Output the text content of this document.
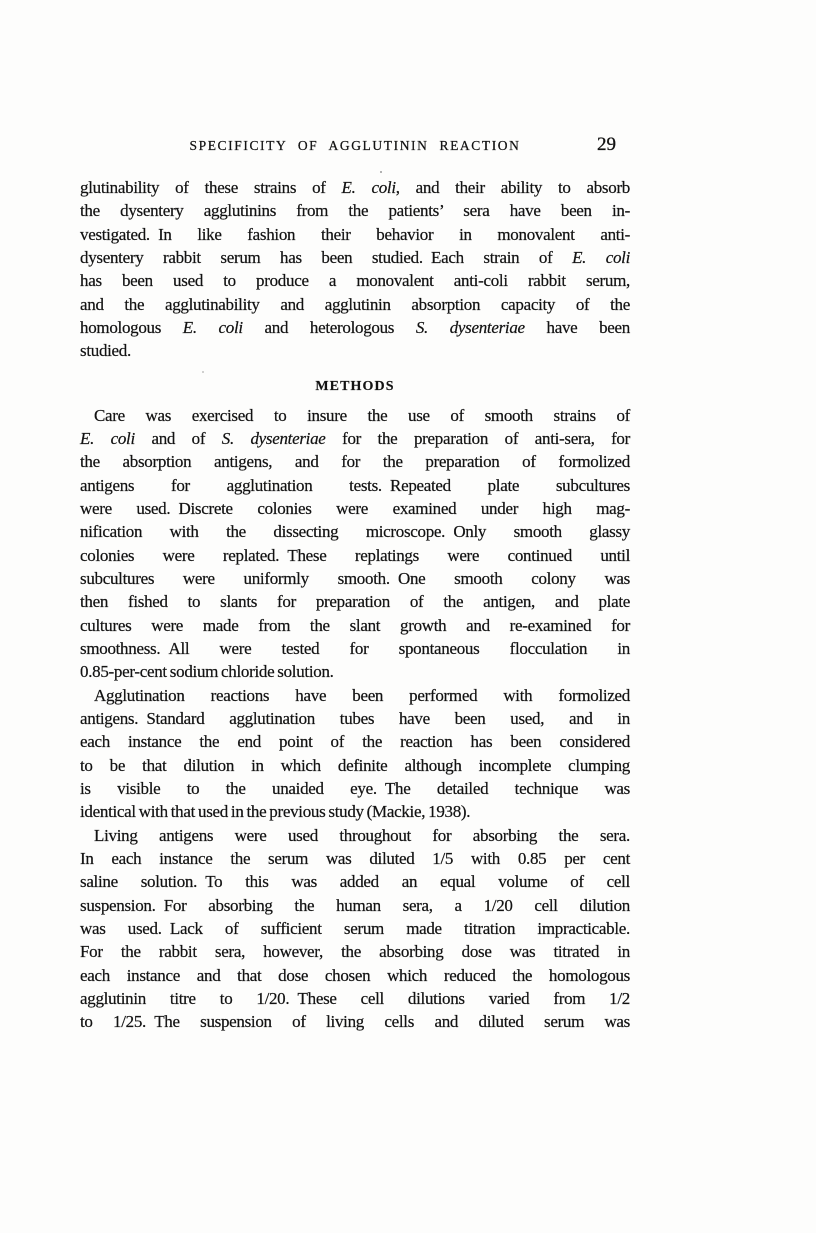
SPECIFICITY OF AGGLUTININ REACTION	29
glutinability of these strains of E. coli, and their ability to absorb
the dysentery agglutinins from the patients’ sera have been in-
vestigated. In like fashion their behavior in monovalent anti-
dysentery rabbit serum has been studied. Each strain of E. coli
has been used to produce a monovalent anti-coli rabbit serum,
and the agglutinability and agglutinin absorption capacity of the
homologous E. coli and heterologous S. dysenteriae have been
studied.
METHODS
Care was exercised to insure the use of smooth strains of
E. coli and of S. dysenteriae for the preparation of anti-sera, for
the absorption antigens, and for the preparation of formolized
antigens for agglutination tests. Repeated plate subcultures
were used. Discrete colonies were examined under high mag-
nification with the dissecting microscope. Only smooth glassy
colonies were replated. These replatings were continued until
subcultures were uniformly smooth. One smooth colony was
then fished to slants for preparation of the antigen, and plate
cultures were made from the slant growth and re-examined for
smoothness. All were tested for spontaneous flocculation in
0.85-per-cent sodium chloride solution.
Agglutination reactions have been performed with formolized
antigens. Standard agglutination tubes have been used, and in
each instance the end point of the reaction has been considered
to be that dilution in which definite although incomplete clumping
is visible to the unaided eye. The detailed technique was
identical with that used in the previous study (Mackie, 1938).
Living antigens were used throughout for absorbing the sera.
In each instance the serum was diluted 1/5 with 0.85 per cent
saline solution. To this was added an equal volume of cell
suspension. For absorbing the human sera, a 1/20 cell dilution
was used. Lack of sufficient serum made titration impracticable.
For the rabbit sera, however, the absorbing dose was titrated in
each instance and that dose chosen which reduced the homologous
agglutinin titre to 1/20. These cell dilutions varied from 1/2
to 1/25. The suspension of living cells and diluted serum was
